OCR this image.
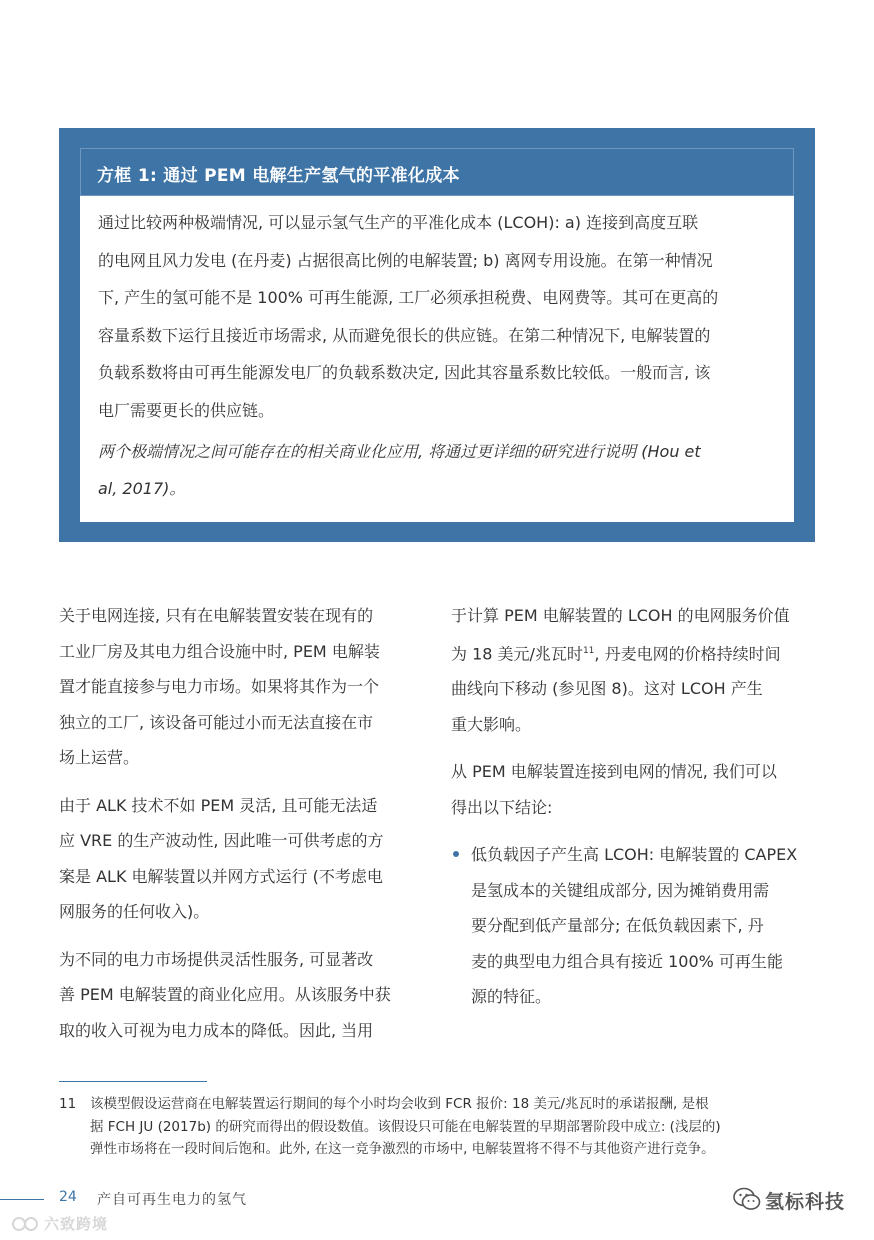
方框 1: 通过 PEM 电解生产氢气的平准化成本

通过比较两种极端情况, 可以显示氢气生产的平准化成本 (LCOH): a) 连接到高度互联

的电网且风力发电 (在丹麦) 占据很高比例的电解装置; b) 离网专用设施。在第一种情况

下, 产生的氢可能不是 100% 可再生能源, 工厂必须承担税费、电网费等。其可在更高的

容量系数下运行且接近市场需求, 从而避免很长的供应链。在第二种情况下, 电解装置的

负载系数将由可再生能源发电厂的负载系数决定, 因此其容量系数比较低。一般而言, 该

电厂需要更长的供应链。

两个极端情况之间可能存在的相关商业化应用, 将通过更详细的研究进行说明 (Hou et

al, 2017)。

关于电网连接, 只有在电解装置安装在现有的
工业厂房及其电力组合设施中时, PEM 电解装
置才能直接参与电力市场。如果将其作为一个
独立的工厂, 该设备可能过小而无法直接在市
场上运营。

由于 ALK 技术不如 PEM 灵活, 且可能无法适
应 VRE 的生产波动性, 因此唯一可供考虑的方
案是 ALK 电解装置以并网方式运行 (不考虑电
网服务的任何收入)。

为不同的电力市场提供灵活性服务, 可显著改
善 PEM 电解装置的商业化应用。从该服务中获
取的收入可视为电力成本的降低。因此, 当用

于计算 PEM 电解装置的 LCOH 的电网服务价值
为 18 美元/兆瓦时$^{11}$, 丹麦电网的价格持续时间
曲线向下移动 (参见图 8)。这对 LCOH 产生
重大影响。

从 PEM 电解装置连接到电网的情况, 我们可以
得出以下结论:

低负载因子产生高 LCOH: 电解装置的 CAPEX
是氢成本的关键组成部分, 因为摊销费用需
要分配到低产量部分; 在低负载因素下, 丹
麦的典型电力组合具有接近 100% 可再生能
源的特征。
11 该模型假设运营商在电解装置运行期间的每个小时均会收到 FCR 报价: 18 美元/兆瓦时的承诺报酬, 是根
据 FCH JU (2017b) 的研究而得出的假设数值。该假设只可能在电解装置的早期部署阶段中成立: (浅层的)
弹性市场将在一段时间后饱和。此外, 在这一竞争激烈的市场中, 电解装置将不得不与其他资产进行竞争。
24 产自可再生电力的氢气	氢标科技
六致跨境
